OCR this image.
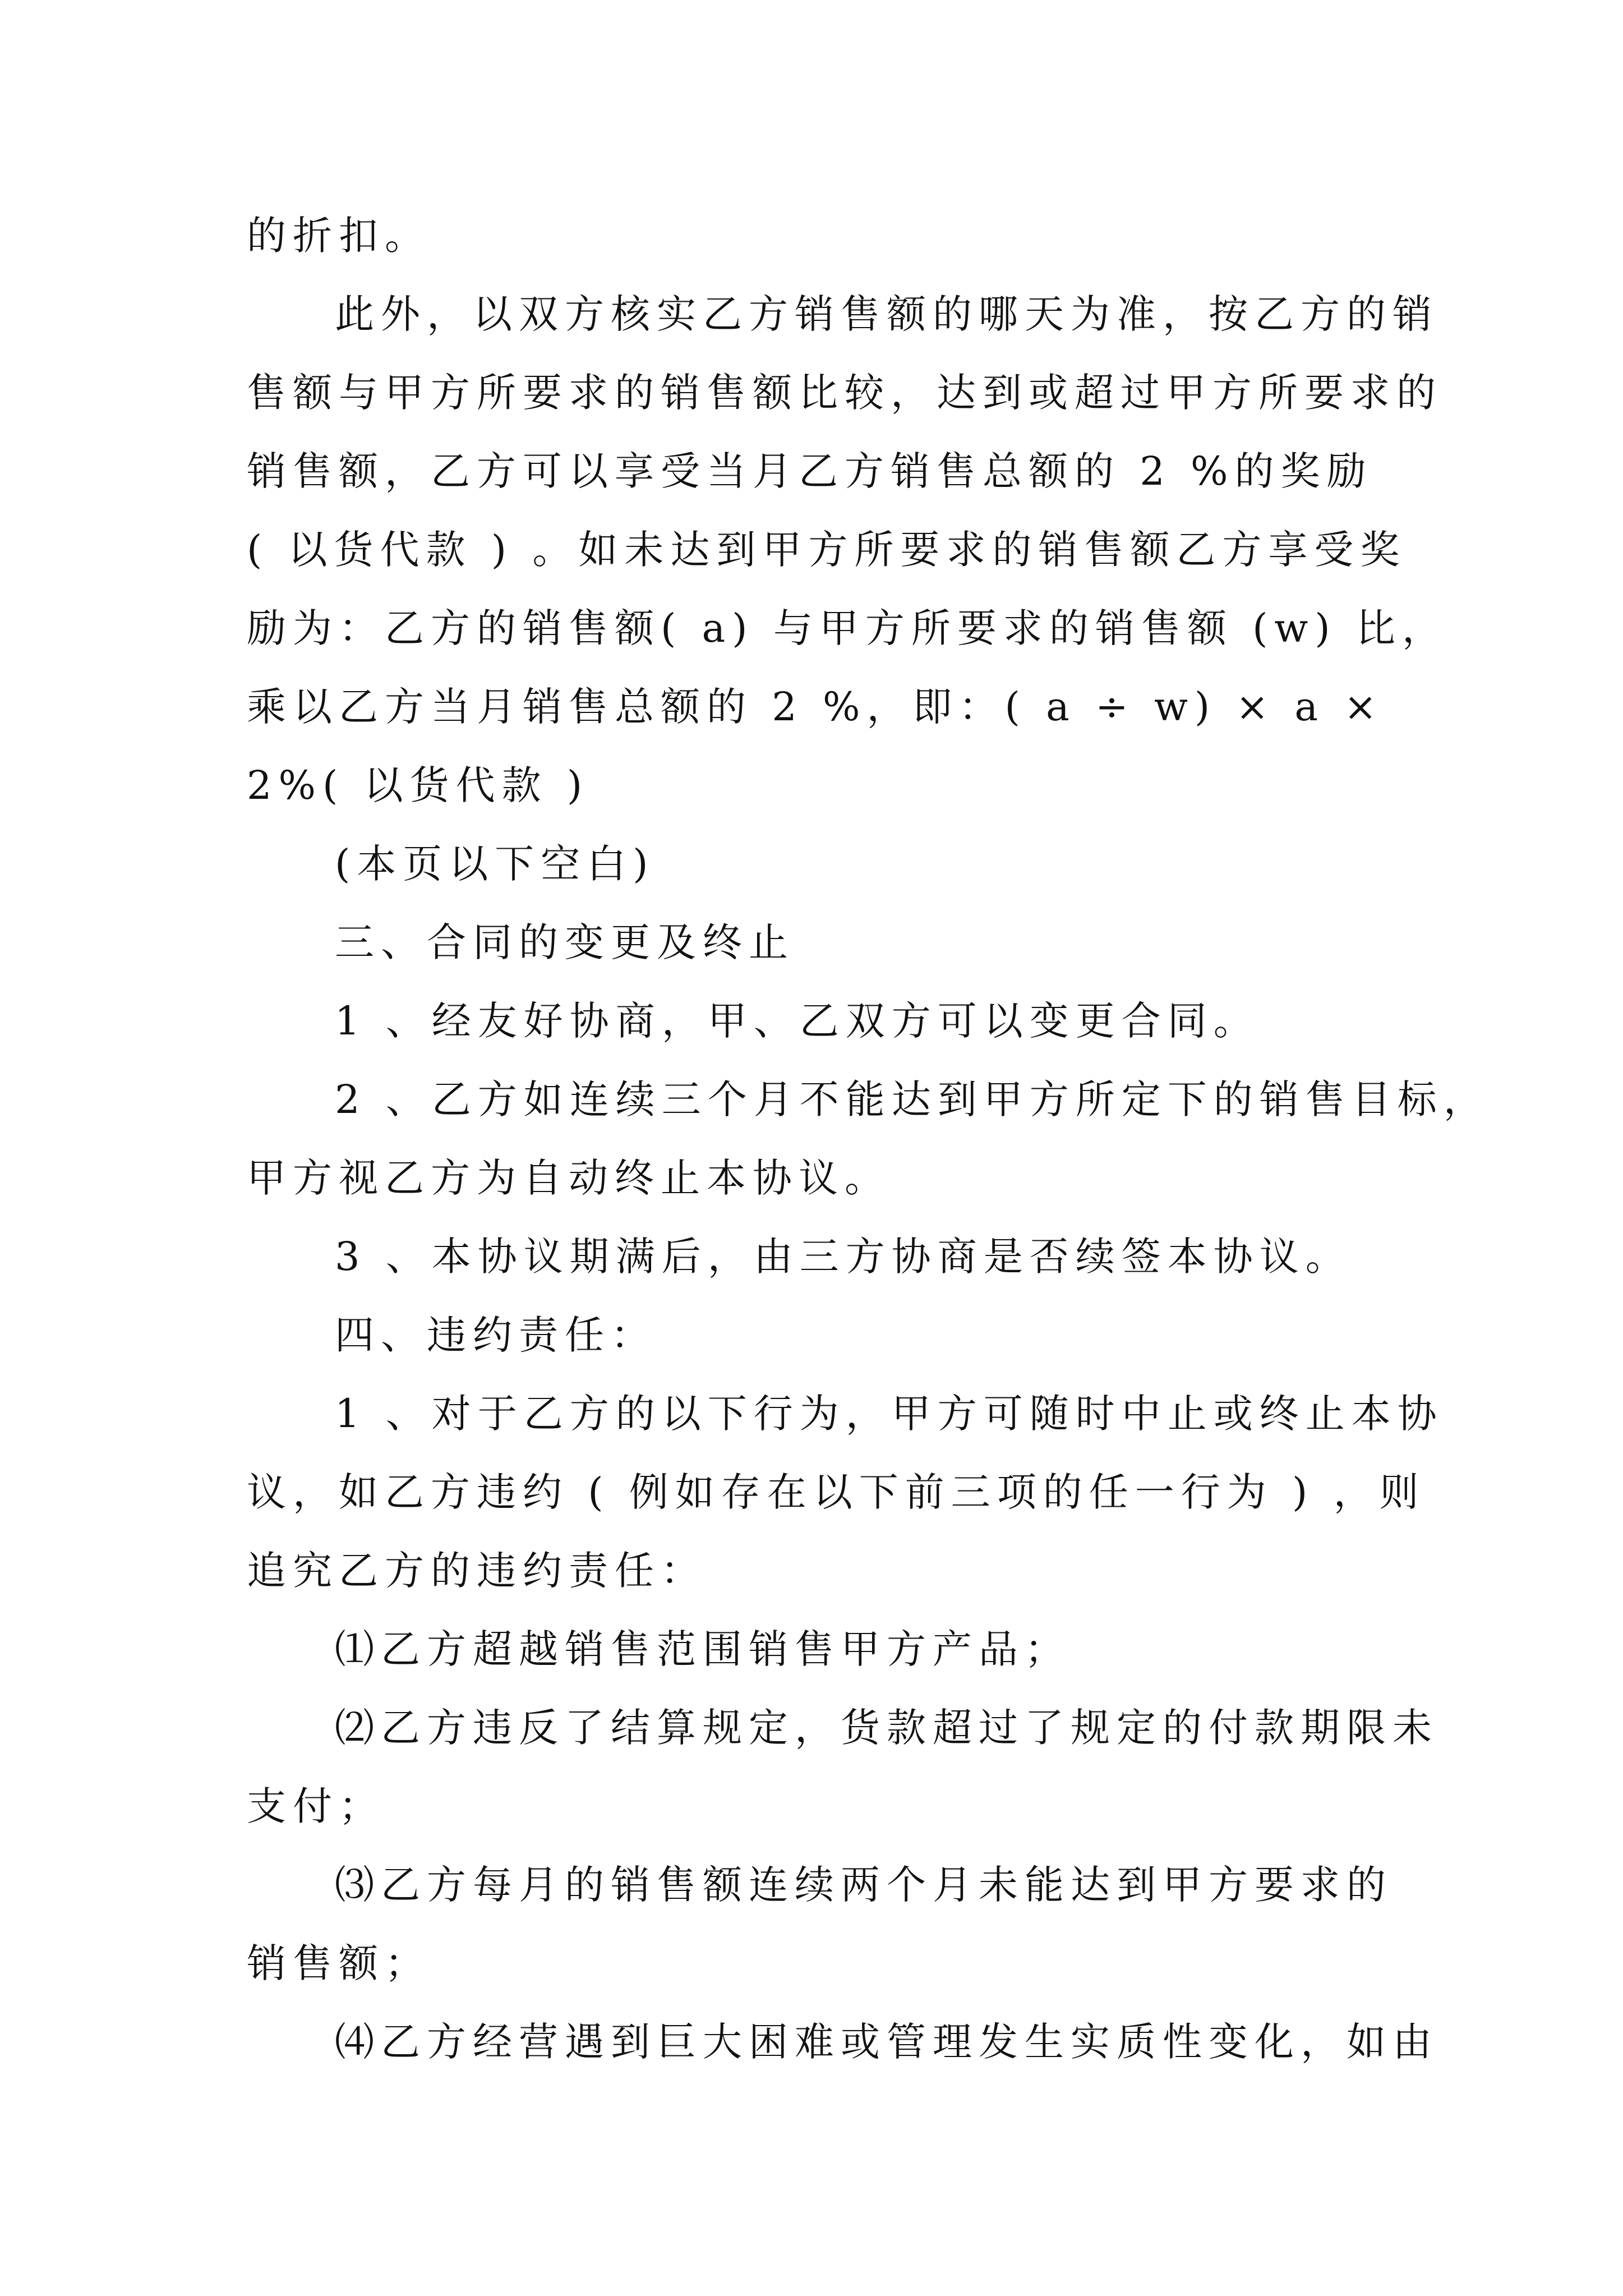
的折扣。

此外，以双方核实乙方销售额的哪天为准，按乙方的销

售额与甲方所要求的销售额比较，达到或超过甲方所要求的

销售额，乙方可以享受当月乙方销售总额的 2 %的奖励

( 以货代款 ) 。如未达到甲方所要求的销售额乙方享受奖

励为：乙方的销售额( a) 与甲方所要求的销售额 (w) 比，

乘以乙方当月销售总额的 2 %，即：( a ÷ w) × a ×

2%( 以货代款 )

(本页以下空白)

三、合同的变更及终止

1 、经友好协商，甲、乙双方可以变更合同。

2 、乙方如连续三个月不能达到甲方所定下的销售目标，

甲方视乙方为自动终止本协议。

3 、本协议期满后，由三方协商是否续签本协议。

四、违约责任：

1 、对于乙方的以下行为，甲方可随时中止或终止本协

议，如乙方违约 ( 例如存在以下前三项的任一行为 ) ，则

追究乙方的违约责任：

⑴乙方超越销售范围销售甲方产品；

⑵乙方违反了结算规定，货款超过了规定的付款期限未

支付；

⑶乙方每月的销售额连续两个月未能达到甲方要求的

销售额；

⑷乙方经营遇到巨大困难或管理发生实质性变化，如由
